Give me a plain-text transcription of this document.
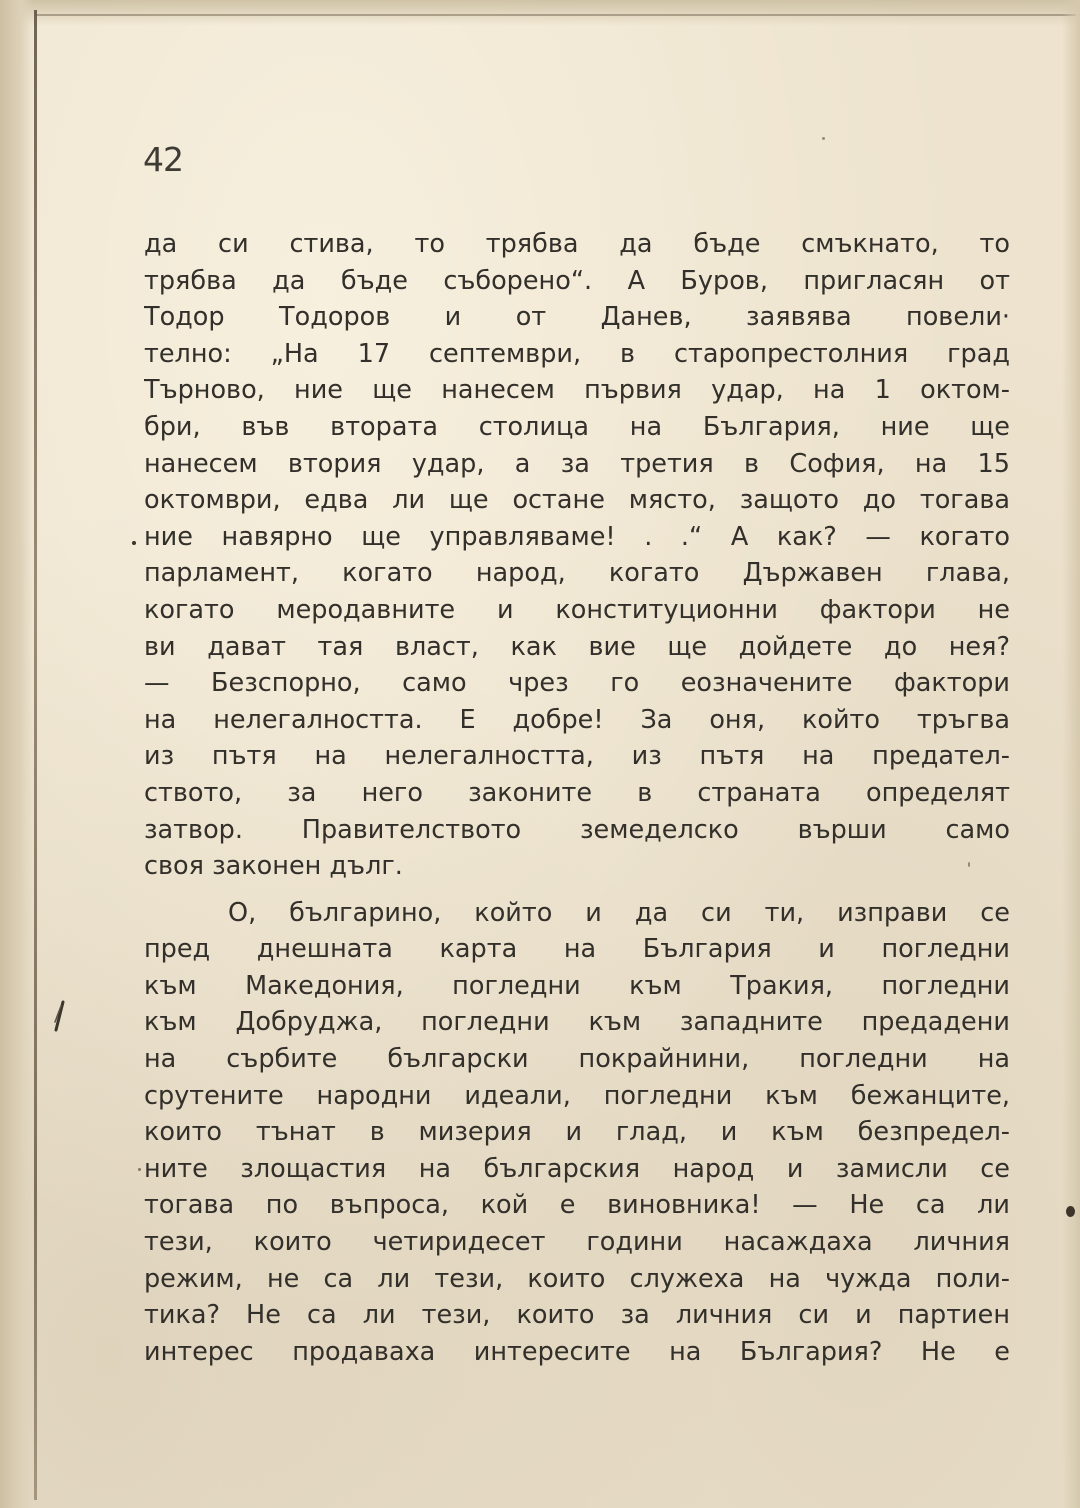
42
да си стива, то трябва да бъде смъкнато, то
трябва да бъде съборено“. А Буров, пригласян от
Тодор Тодоров и от Данев, заявява повели·
телно: „На 17 септември, в старопрестолния град
Търново, ние ще нанесем първия удар, на 1 октом-
бри, във втората столица на България, ние ще
нанесем втория удар, а за третия в София, на 15
октомври, едва ли ще остане място, защото до тогава
ние навярно ще управляваме! . .“ А как? — когато
парламент, когато народ, когато Държавен глава,
когато меродавните и конституционни фактори не
ви дават тая власт, как вие ще дойдете до нея?
— Безспорно, само чрез го еозначените фактори
на нелегалността. Е добре! За оня, който тръгва
из пътя на нелегалността, из пътя на предател-
ството, за него законите в страната определят
затвор. Правителството земеделско върши само
своя законен дълг.
О, българино, който и да си ти, изправи се
пред днешната карта на България и погледни
към Македония, погледни към Тракия, погледни
към Добруджа, погледни към западните предадени
на сърбите български покрайнини, погледни на
срутените народни идеали, погледни към бежанците,
които тънат в мизерия и глад, и към безпредел-
ните злощастия на българския народ и замисли се
тогава по въпроса, кой е виновника! — Не са ли
тези, които четиридесет години насаждаха личния
режим, не са ли тези, които служеха на чужда поли-
тика? Не са ли тези, които за личния си и партиен
интерес продаваха интересите на България? Не е
